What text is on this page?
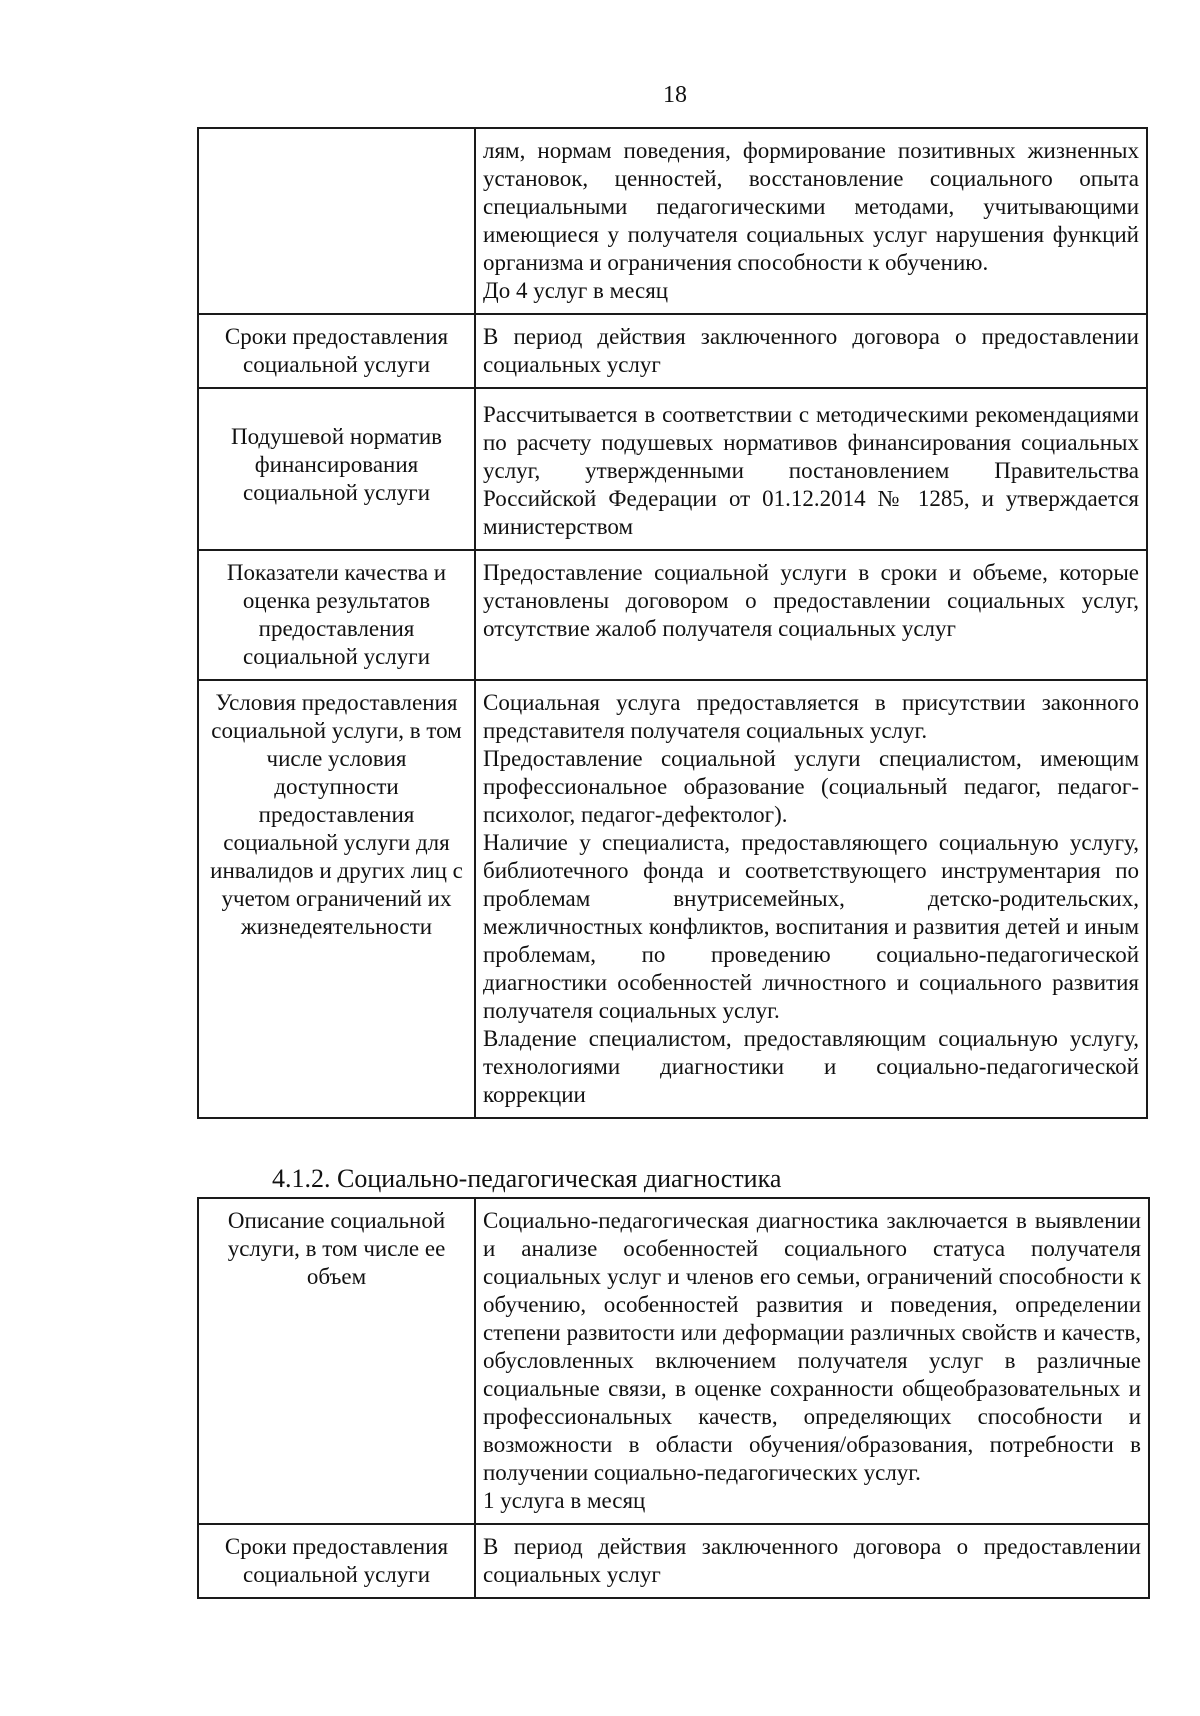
18

	лям, нормам поведения, формирование позитивных жизненных установок, ценностей, восстановление социального опыта специальными педагогическими методами, учитывающими имеющиеся у получателя социальных услуг нарушения функций организма и ограничения способности к обучению.
До 4 услуг в месяц

Сроки предоставления социальной услуги	В период действия заключенного договора о предоставлении социальных услуг

Подушевой норматив финансирования социальной услуги	Рассчитывается в соответствии с методическими рекомендациями по расчету подушевых нормативов финансирования социальных услуг, утвержденными постановлением Правительства Российской Федерации от 01.12.2014 № 1285, и утверждается министерством

Показатели качества и оценка результатов предоставления социальной услуги	Предоставление социальной услуги в сроки и объеме, которые установлены договором о предоставлении социальных услуг, отсутствие жалоб получателя социальных услуг

Условия предоставления социальной услуги, в том числе условия доступности предоставления социальной услуги для инвалидов и других лиц с учетом ограничений их жизнедеятельности	Социальная услуга предоставляется в присутствии законного представителя получателя социальных услуг.
Предоставление социальной услуги специалистом, имеющим профессиональное образование (социальный педагог, педагог-психолог, педагог-дефектолог).
Наличие у специалиста, предоставляющего социальную услугу, библиотечного фонда и соответствующего инструментария по проблемам внутрисемейных, детско-родительских, межличностных конфликтов, воспитания и развития детей и иным проблемам, по проведению социально-педагогической диагностики особенностей личностного и социального развития получателя социальных услуг.
Владение специалистом, предоставляющим социальную услугу, технологиями диагностики и социально-педагогической коррекции
4.1.2. Социально-педагогическая диагностика
Описание социальной услуги, в том числе ее объем	Социально-педагогическая диагностика заключается в выявлении и анализе особенностей социального статуса получателя социальных услуг и членов его семьи, ограничений способности к обучению, особенностей развития и поведения, определении степени развитости или деформации различных свойств и качеств, обусловленных включением получателя услуг в различные социальные связи, в оценке сохранности общеобразовательных и профессиональных качеств, определяющих способности и возможности в области обучения/образования, потребности в получении социально-педагогических услуг.
1 услуга в месяц

Сроки предоставления социальной услуги	В период действия заключенного договора о предоставлении социальных услуг
